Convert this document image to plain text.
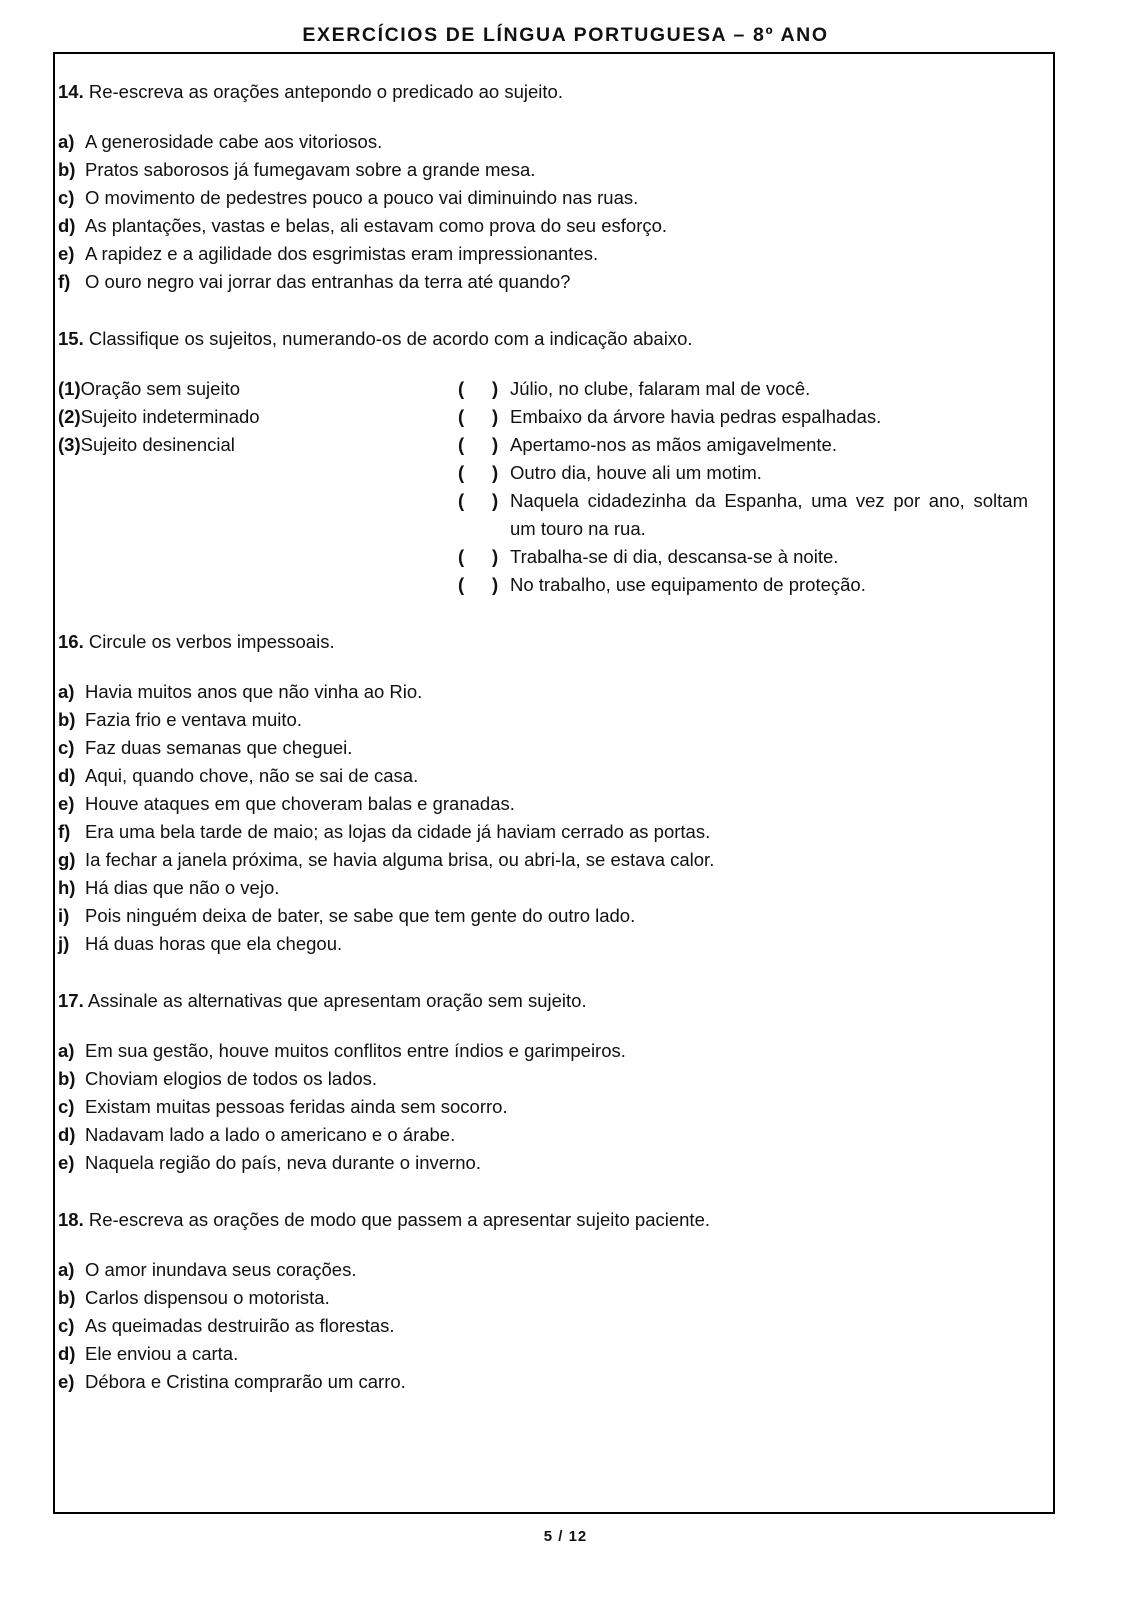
EXERCÍCIOS DE LÍNGUA PORTUGUESA – 8º ANO
14. Re-escreva as orações antepondo o predicado ao sujeito.
a) A generosidade cabe aos vitoriosos.
b) Pratos saborosos já fumegavam sobre a grande mesa.
c) O movimento de pedestres pouco a pouco vai diminuindo nas ruas.
d) As plantações, vastas e belas, ali estavam como prova do seu esforço.
e) A rapidez e a agilidade dos esgrimistas eram impressionantes.
f) O ouro negro vai jorrar das entranhas da terra até quando?
15. Classifique os sujeitos, numerando-os de acordo com a indicação abaixo.
(1)Oração sem sujeito
(2)Sujeito indeterminado
(3)Sujeito desinencial
(	) Júlio, no clube, falaram mal de você.
(	) Embaixo da árvore havia pedras espalhadas.
(	) Apertamo-nos as mãos amigavelmente.
(	) Outro dia, houve ali um motim.
(	) Naquela cidadezinha da Espanha, uma vez por ano, soltam um touro na rua.
(	) Trabalha-se di dia, descansa-se à noite.
(	) No trabalho, use equipamento de proteção.
16. Circule os verbos impessoais.
a) Havia muitos anos que não vinha ao Rio.
b) Fazia frio e ventava muito.
c) Faz duas semanas que cheguei.
d) Aqui, quando chove, não se sai de casa.
e) Houve ataques em que choveram balas e granadas.
f) Era uma bela tarde de maio; as lojas da cidade já haviam cerrado as portas.
g) Ia fechar a janela próxima, se havia alguma brisa, ou abri-la, se estava calor.
h) Há dias que não o vejo.
i) Pois ninguém deixa de bater, se sabe que tem gente do outro lado.
j) Há duas horas que ela chegou.
17. Assinale as alternativas que apresentam oração sem sujeito.
a) Em sua gestão, houve muitos conflitos entre índios e garimpeiros.
b) Choviam elogios de todos os lados.
c) Existam muitas pessoas feridas ainda sem socorro.
d) Nadavam lado a lado o americano e o árabe.
e) Naquela região do país, neva durante o inverno.
18. Re-escreva as orações de modo que passem a apresentar sujeito paciente.
a) O amor inundava seus corações.
b) Carlos dispensou o motorista.
c) As queimadas destruirão as florestas.
d) Ele enviou a carta.
e) Débora e Cristina comprarão um carro.
5 / 12
